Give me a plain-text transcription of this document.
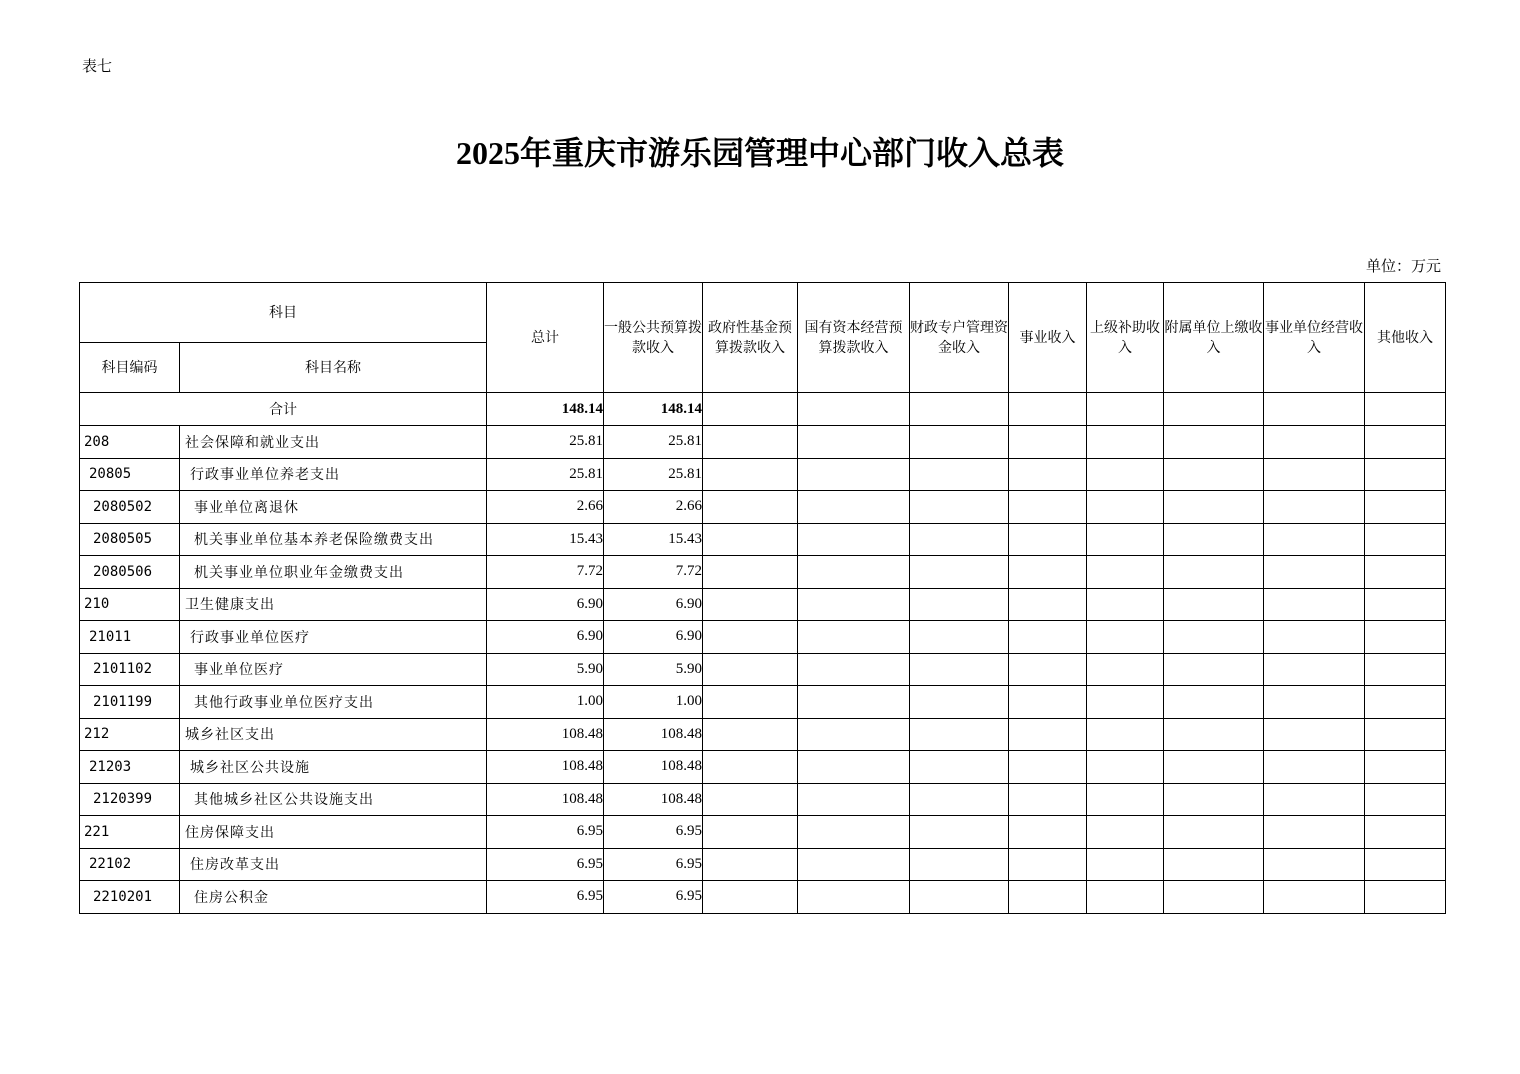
表七
2025年重庆市游乐园管理中心部门收入总表
单位：万元
科目		总计	一般公共预算拨款收入	政府性基金预算拨款收入	国有资本经营预算拨款收入	财政专户管理资金收入	事业收入	上级补助收入	附属单位上缴收入	事业单位经营收入	其他收入
科目编码	科目名称										
合计		148.14	148.14								
208	社会保障和就业支出	25.81	25.81								
20805	行政事业单位养老支出	25.81	25.81								
2080502	事业单位离退休	2.66	2.66								
2080505	机关事业单位基本养老保险缴费支出	15.43	15.43								
2080506	机关事业单位职业年金缴费支出	7.72	7.72								
210	卫生健康支出	6.90	6.90								
21011	行政事业单位医疗	6.90	6.90								
2101102	事业单位医疗	5.90	5.90								
2101199	其他行政事业单位医疗支出	1.00	1.00								
212	城乡社区支出	108.48	108.48								
21203	城乡社区公共设施	108.48	108.48								
2120399	其他城乡社区公共设施支出	108.48	108.48								
221	住房保障支出	6.95	6.95								
22102	住房改革支出	6.95	6.95								
2210201	住房公积金	6.95	6.95								
